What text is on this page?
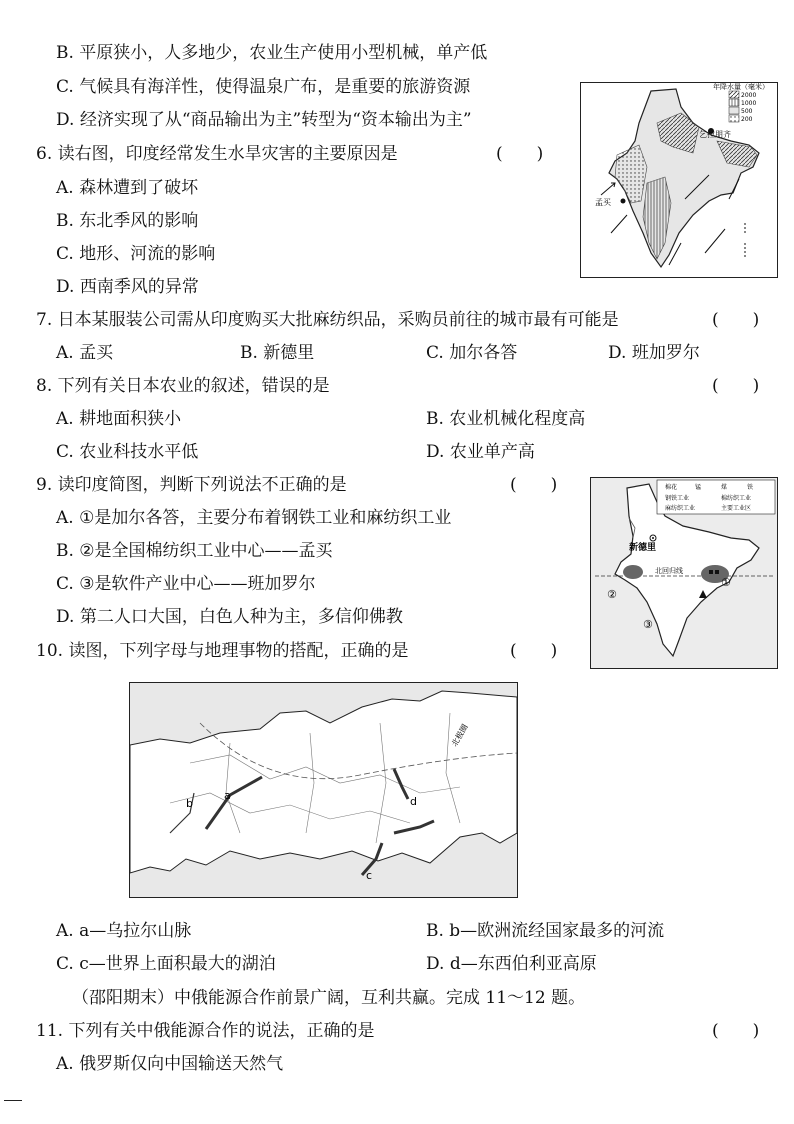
B. 平原狭小，人多地少，农业生产使用小型机械，单产低
C. 气候具有海洋性，使得温泉广布，是重要的旅游资源
D. 经济实现了从“商品输出为主”转型为“资本输出为主”
6. 读右图，印度经常发生水旱灾害的主要原因是	(　　)
A. 森林遭到了破坏
B. 东北季风的影响
C. 地形、河流的影响
D. 西南季风的异常
年降水量（毫米）
2000
1000
500
200
乞拉朋齐
孟买
7. 日本某服装公司需从印度购买大批麻纺织品，采购员前往的城市最有可能是	(　　)
A. 孟买	B. 新德里	C. 加尔各答	D. 班加罗尔
8. 下列有关日本农业的叙述，错误的是	(　　)
A. 耕地面积狭小	B. 农业机械化程度高
C. 农业科技水平低	D. 农业单产高
9. 读印度简图，判断下列说法不正确的是	(　　)
A. ①是加尔各答，主要分布着钢铁工业和麻纺织工业
B. ②是全国棉纺织工业中心——孟买
C. ③是软件产业中心——班加罗尔
D. 第二人口大国，白色人种为主，多信仰佛教
北回归线
新德里
①
②
③
棉花	锰	煤	铁
钢铁工业	棉纺织工业
麻纺织工业	主要工业区
10. 读图，下列字母与地理事物的搭配，正确的是	(　　)
北极圈
a
b
c
d
A. a—乌拉尔山脉	B. b—欧洲流经国家最多的河流
C. c—世界上面积最大的湖泊	D. d—东西伯利亚高原
（邵阳期末）中俄能源合作前景广阔，互利共赢。完成 11～12 题。
11. 下列有关中俄能源合作的说法，正确的是	(　　)
A. 俄罗斯仅向中国输送天然气
